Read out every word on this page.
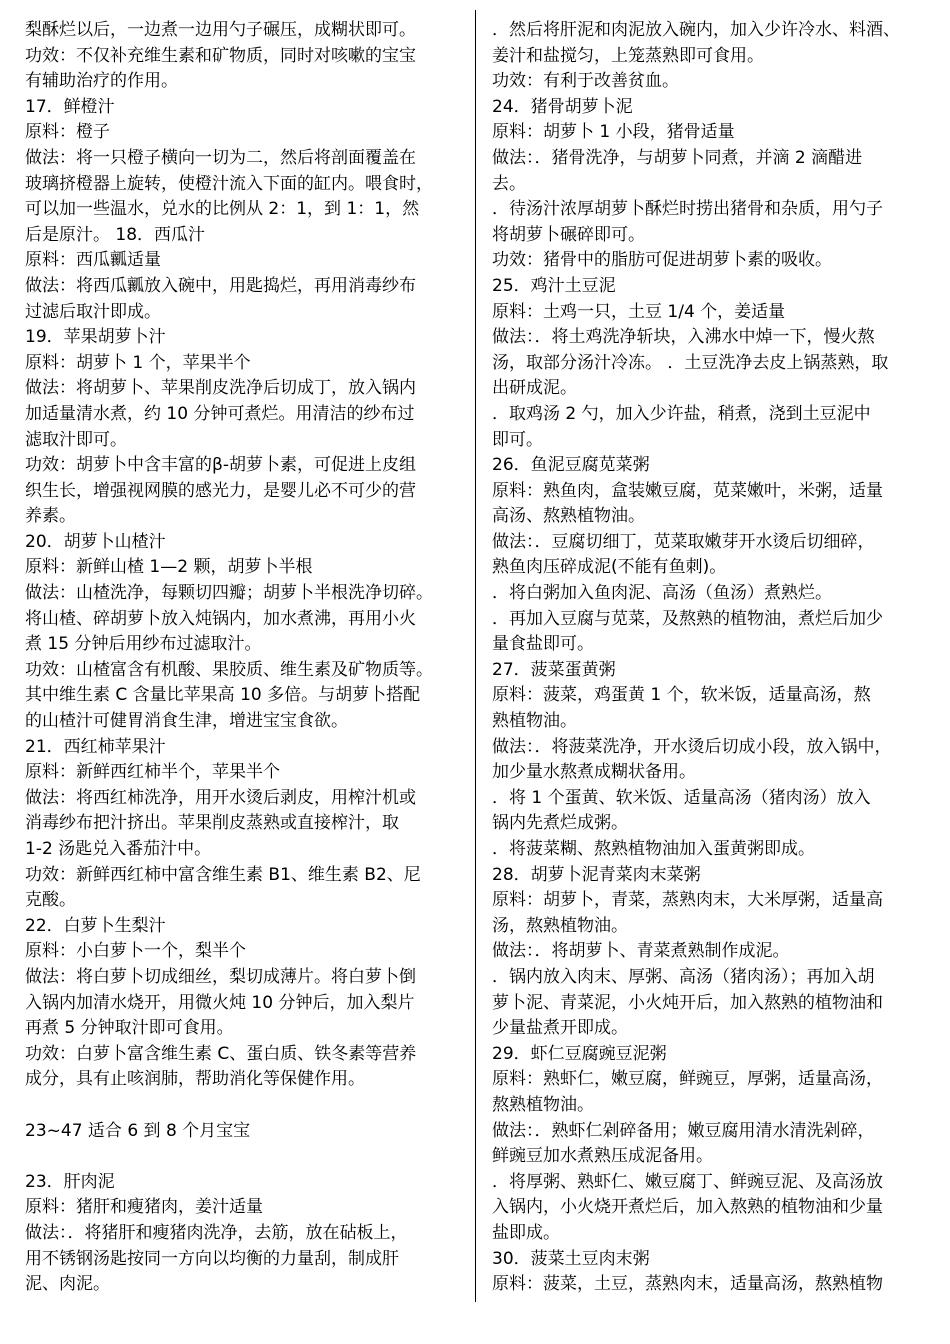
梨酥烂以后，一边煮一边用勺子碾压，成糊状即可。
功效：不仅补充维生素和矿物质，同时对咳嗽的宝宝
有辅助治疗的作用。
17．鲜橙汁
原料：橙子
做法：将一只橙子横向一切为二，然后将剖面覆盖在
玻璃挤橙器上旋转，使橙汁流入下面的缸内。喂食时，
可以加一些温水，兑水的比例从 2：1，到 1：1，然
后是原汁。 18．西瓜汁
原料：西瓜瓤适量
做法：将西瓜瓤放入碗中，用匙捣烂，再用消毒纱布
过滤后取汁即成。
19．苹果胡萝卜汁
原料：胡萝卜 1 个，苹果半个
做法：将胡萝卜、苹果削皮洗净后切成丁，放入锅内
加适量清水煮，约 10 分钟可煮烂。用清洁的纱布过
滤取汁即可。
功效：胡萝卜中含丰富的β-胡萝卜素，可促进上皮组
织生长，增强视网膜的感光力，是婴儿必不可少的营
养素。
20．胡萝卜山楂汁
原料：新鲜山楂 1—2 颗，胡萝卜半根
做法：山楂洗净，每颗切四瓣；胡萝卜半根洗净切碎。
将山楂、碎胡萝卜放入炖锅内，加水煮沸，再用小火
煮 15 分钟后用纱布过滤取汁。
功效：山楂富含有机酸、果胶质、维生素及矿物质等。
其中维生素 C 含量比苹果高 10 多倍。与胡萝卜搭配
的山楂汁可健胃消食生津，增进宝宝食欲。
21．西红柿苹果汁
原料：新鲜西红柿半个，苹果半个
做法：将西红柿洗净，用开水烫后剥皮，用榨汁机或
消毒纱布把汁挤出。苹果削皮蒸熟或直接榨汁，取
1-2 汤匙兑入番茄汁中。
功效：新鲜西红柿中富含维生素 B1、维生素 B2、尼
克酸。
22．白萝卜生梨汁
原料：小白萝卜一个，梨半个
做法：将白萝卜切成细丝，梨切成薄片。将白萝卜倒
入锅内加清水烧开，用微火炖 10 分钟后，加入梨片
再煮 5 分钟取汁即可食用。
功效：白萝卜富含维生素 C、蛋白质、铁冬素等营养
成分，具有止咳润肺，帮助消化等保健作用。
23~47 适合 6 到 8 个月宝宝
23．肝肉泥
原料：猪肝和瘦猪肉，姜汁适量
做法：．将猪肝和瘦猪肉洗净，去筋，放在砧板上，
用不锈钢汤匙按同一方向以均衡的力量刮，制成肝
泥、肉泥。
．然后将肝泥和肉泥放入碗内，加入少许冷水、料酒、
姜汁和盐搅匀，上笼蒸熟即可食用。
功效：有利于改善贫血。
24．猪骨胡萝卜泥
原料：胡萝卜 1 小段，猪骨适量
做法：．猪骨洗净，与胡萝卜同煮，并滴 2 滴醋进
去。
．待汤汁浓厚胡萝卜酥烂时捞出猪骨和杂质，用勺子
将胡萝卜碾碎即可。
功效：猪骨中的脂肪可促进胡萝卜素的吸收。
25．鸡汁土豆泥
原料：土鸡一只，土豆 1/4 个，姜适量
做法：．将土鸡洗净斩块，入沸水中焯一下，慢火熬
汤，取部分汤汁冷冻。 ．土豆洗净去皮上锅蒸熟，取
出研成泥。
．取鸡汤 2 勺，加入少许盐，稍煮，浇到土豆泥中
即可。
26．鱼泥豆腐苋菜粥
原料：熟鱼肉，盒装嫩豆腐，苋菜嫩叶，米粥，适量
高汤、熬熟植物油。
做法：．豆腐切细丁，苋菜取嫩芽开水烫后切细碎，
熟鱼肉压碎成泥(不能有鱼刺)。
．将白粥加入鱼肉泥、高汤（鱼汤）煮熟烂。
．再加入豆腐与苋菜，及熬熟的植物油，煮烂后加少
量食盐即可。
27．菠菜蛋黄粥
原料：菠菜，鸡蛋黄 1 个，软米饭，适量高汤，熬
熟植物油。
做法：．将菠菜洗净，开水烫后切成小段，放入锅中，
加少量水熬煮成糊状备用。
．将 1 个蛋黄、软米饭、适量高汤（猪肉汤）放入
锅内先煮烂成粥。
．将菠菜糊、熬熟植物油加入蛋黄粥即成。
28．胡萝卜泥青菜肉末菜粥
原料：胡萝卜，青菜，蒸熟肉末，大米厚粥，适量高
汤，熬熟植物油。
做法：．将胡萝卜、青菜煮熟制作成泥。
．锅内放入肉末、厚粥、高汤（猪肉汤）；再加入胡
萝卜泥、青菜泥，小火炖开后，加入熬熟的植物油和
少量盐煮开即成。
29．虾仁豆腐豌豆泥粥
原料：熟虾仁，嫩豆腐，鲜豌豆，厚粥，适量高汤，
熬熟植物油。
做法：．熟虾仁剁碎备用；嫩豆腐用清水清洗剁碎，
鲜豌豆加水煮熟压成泥备用。
．将厚粥、熟虾仁、嫩豆腐丁、鲜豌豆泥、及高汤放
入锅内，小火烧开煮烂后，加入熬熟的植物油和少量
盐即成。
30．菠菜土豆肉末粥
原料：菠菜，土豆，蒸熟肉末，适量高汤，熬熟植物
